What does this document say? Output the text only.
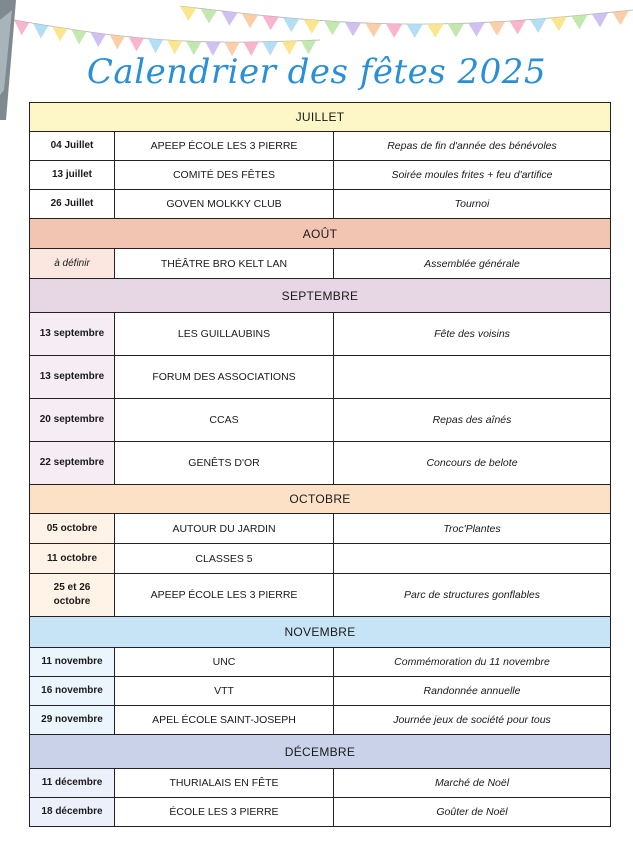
Calendrier des fêtes 2025
JUILLET		
04 Juillet	APEEP ÉCOLE LES 3 PIERRE	Repas de fin d'année des bénévoles
13 juillet	COMITÉ DES FÊTES	Soirée moules frites + feu d'artifice
26 Juillet	GOVEN MOLKKY CLUB	Tournoi
AOÛT		
à définir	THÉÂTRE BRO KELT LAN	Assemblée générale
SEPTEMBRE		
13 septembre	LES GUILLAUBINS	Fête des voisins
13 septembre	FORUM DES ASSOCIATIONS	
20 septembre	CCAS	Repas des aînés
22 septembre	GENÊTS D'OR	Concours de belote
OCTOBRE		
05 octobre	AUTOUR DU JARDIN	Troc'Plantes
11 octobre	CLASSES 5	
25 et 26 octobre	APEEP ÉCOLE LES 3 PIERRE	Parc de structures gonflables
NOVEMBRE		
11 novembre	UNC	Commémoration du 11 novembre
16 novembre	VTT	Randonnée annuelle
29 novembre	APEL ÉCOLE SAINT-JOSEPH	Journée jeux de société pour tous
DÉCEMBRE		
11 décembre	THURIALAIS EN FÊTE	Marché de Noël
18 décembre	ÉCOLE LES 3 PIERRE	Goûter de Noël
